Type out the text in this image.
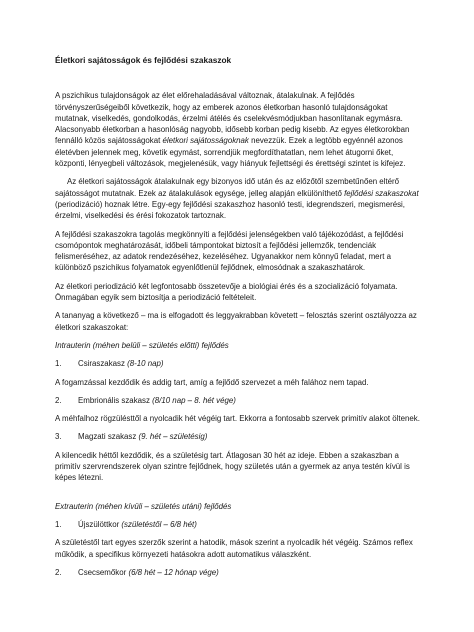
Életkori sajátosságok és fejlődési szakaszok

A pszichikus tulajdonságok az élet előrehaladásával változnak, átalakulnak. A fejlődés törvényszerűségeiből következik, hogy az emberek azonos életkorban hasonló tulajdonságokat mutatnak, viselkedés, gondolkodás, érzelmi átélés és cselekvésmódjukban hasonlítanak egymásra. Alacsonyabb életkorban a hasonlóság nagyobb, idősebb korban pedig kisebb. Az egyes életkorokban fennálló közös sajátosságokat életkori sajátosságoknak nevezzük. Ezek a legtöbb egyénnél azonos életévben jelennek meg, követik egymást, sorrendjük megfordíthatatlan, nem lehet átugorni őket, központi, lényegbeli változások, megjelenésük, vagy hiányuk fejlettségi és érettségi szintet is kifejez.

Az életkori sajátosságok átalakulnak egy bizonyos idő után és az előzőtől szembetűnően eltérő sajátosságot mutatnak. Ezek az átalakulások egysége, jelleg alapján elkülöníthető fejlődési szakaszokat (periodizáció) hoznak létre. Egy-egy fejlődési szakaszhoz hasonló testi, idegrendszeri, megismerési, érzelmi, viselkedési és érési fokozatok tartoznak.

A fejlődési szakaszokra tagolás megkönnyíti a fejlődési jelenségekben való tájékozódást, a fejlődési csomópontok meghatározását, időbeli támpontokat biztosít a fejlődési jellemzők, tendenciák felismeréséhez, az adatok rendezéséhez, kezeléséhez. Ugyanakkor nem könnyű feladat, mert a különböző pszichikus folyamatok egyenlőtlenül fejlődnek, elmosódnak a szakaszhatárok.

Az életkori periodizáció két legfontosabb összetevője a biológiai érés és a szocializáció folyamata. Önmagában egyik sem biztosítja a periodizáció feltételeit.

A tananyag a következő – ma is elfogadott és leggyakrabban követett – felosztás szerint osztályozza az életkori szakaszokat:

Intrauterin (méhen belüli – születés előtti) fejlődés

1.	Csiraszakasz (8-10 nap)

A fogamzással kezdődik és addig tart, amíg a fejlődő szervezet a méh falához nem tapad.

2.	Embrionális szakasz (8/10 nap – 8. hét vége)

A méhfalhoz rögzülésttől a nyolcadik hét végéig tart. Ekkorra a fontosabb szervek primitív alakot öltenek.

3.	Magzati szakasz (9. hét – születésig)

A kilencedik héttől kezdődik, és a születésig tart. Átlagosan 30 hét az ideje. Ebben a szakaszban a primitív szervrendszerek olyan szintre fejlődnek, hogy születés után a gyermek az anya testén kívül is képes létezni.

Extrauterin (méhen kívüli – születés utáni) fejlődés

1.	Újszülöttkor (születéstől – 6/8 hét)

A születéstől tart egyes szerzők szerint a hatodik, mások szerint a nyolcadik hét végéig. Számos reflex működik, a specifikus környezeti hatásokra adott automatikus válaszként.

2.	Csecsemőkor (6/8 hét – 12 hónap vége)
